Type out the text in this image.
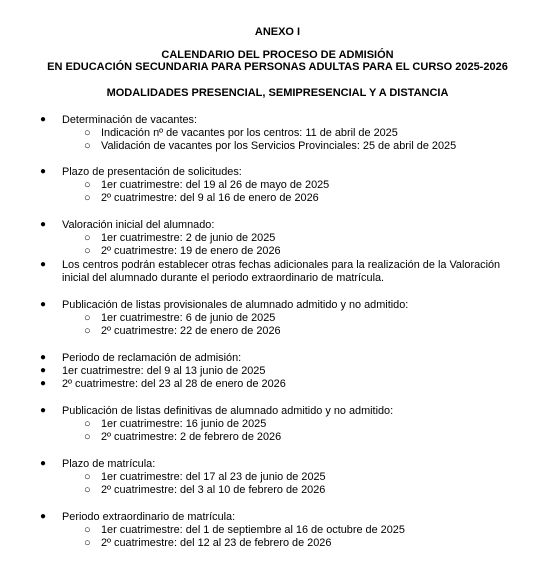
ANEXO I
CALENDARIO DEL PROCESO DE ADMISIÓN
EN EDUCACIÓN SECUNDARIA PARA PERSONAS ADULTAS PARA EL CURSO 2025-2026
MODALIDADES PRESENCIAL, SEMIPRESENCIAL Y A DISTANCIA
● Determinación de vacantes:
○ Indicación nº de vacantes por los centros: 11 de abril de 2025
○ Validación de vacantes por los Servicios Provinciales: 25 de abril de 2025
● Plazo de presentación de solicitudes:
○ 1er cuatrimestre: del 19 al 26 de mayo de 2025
○ 2º cuatrimestre: del 9 al 16 de enero de 2026
● Valoración inicial del alumnado:
○ 1er cuatrimestre: 2 de junio de 2025
○ 2º cuatrimestre: 19 de enero de 2026
● Los centros podrán establecer otras fechas adicionales para la realización de la Valoración
inicial del alumnado durante el periodo extraordinario de matrícula.
● Publicación de listas provisionales de alumnado admitido y no admitido:
○ 1er cuatrimestre: 6 de junio de 2025
○ 2º cuatrimestre: 22 de enero de 2026
● Periodo de reclamación de admisión:
● 1er cuatrimestre: del 9 al 13 junio de 2025
● 2º cuatrimestre: del 23 al 28 de enero de 2026
● Publicación de listas definitivas de alumnado admitido y no admitido:
○ 1er cuatrimestre: 16 junio de 2025
○ 2º cuatrimestre: 2 de febrero de 2026
● Plazo de matrícula:
○ 1er cuatrimestre: del 17 al 23 de junio de 2025
○ 2º cuatrimestre: del 3 al 10 de febrero de 2026
● Periodo extraordinario de matrícula:
○ 1er cuatrimestre: del 1 de septiembre al 16 de octubre de 2025
○ 2º cuatrimestre: del 12 al 23 de febrero de 2026
